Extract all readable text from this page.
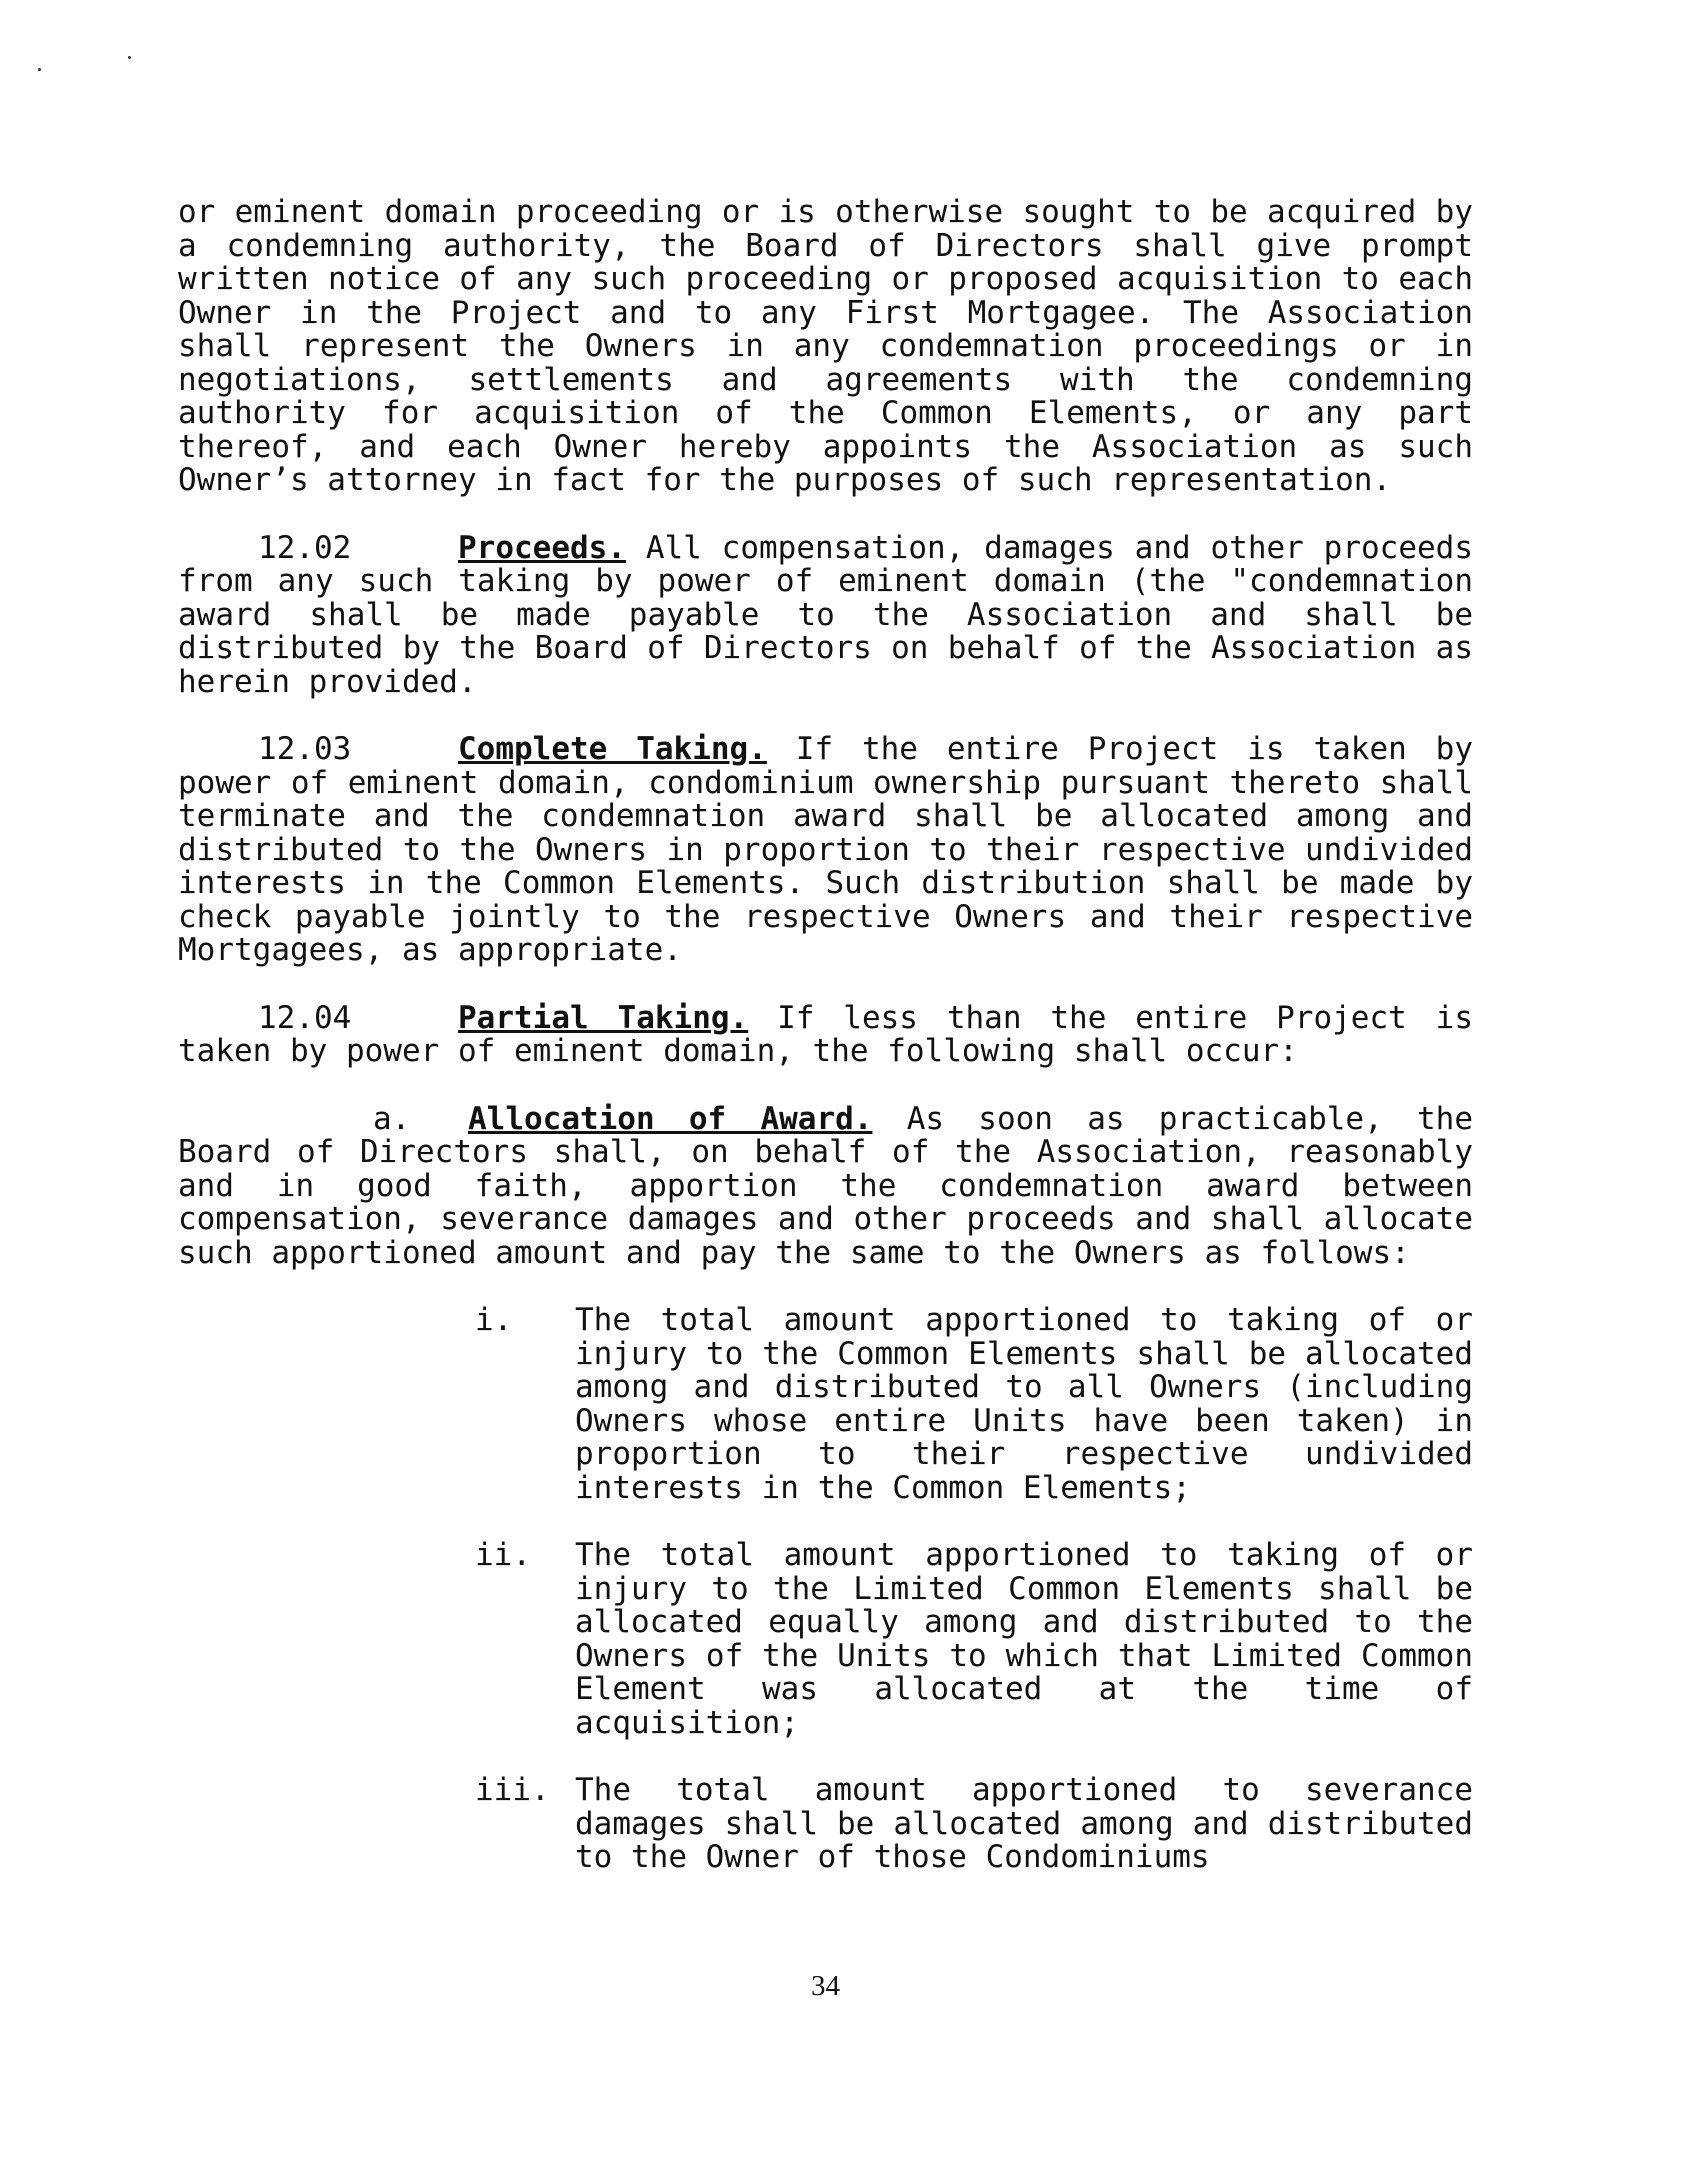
or eminent domain proceeding or is otherwise sought to be acquired by a condemning authority, the Board of Directors shall give prompt written notice of any such proceeding or proposed acquisition to each Owner in the Project and to any First Mortgagee. The Association shall represent the Owners in any condemnation proceedings or in negotiations, settlements and agreements with the condemning authority for acquisition of the Common Elements, or any part thereof, and each Owner hereby appoints the Association as such Owner’s attorney in fact for the purposes of such representation.

12.02	Proceeds. All compensation, damages and other proceeds from any such taking by power of eminent domain (the "condemnation award shall be made payable to the Association and shall be distributed by the Board of Directors on behalf of the Association as herein provided.

12.03	Complete Taking. If the entire Project is taken by power of eminent domain, condominium ownership pursuant thereto shall terminate and the condemnation award shall be allocated among and distributed to the Owners in proportion to their respective undivided interests in the Common Elements. Such distribution shall be made by check payable jointly to the respective Owners and their respective Mortgagees, as appropriate.

12.04	Partial Taking. If less than the entire Project is taken by power of eminent domain, the following shall occur:

a. Allocation of Award. As soon as practicable, the Board of Directors shall, on behalf of the Association, reasonably and in good faith, apportion the condemnation award between compensation, severance damages and other proceeds and shall allocate such apportioned amount and pay the same to the Owners as follows:

i. The total amount apportioned to taking of or injury to the Common Elements shall be allocated among and distributed to all Owners (including Owners whose entire Units have been taken) in proportion to their respective undivided interests in the Common Elements;
ii. The total amount apportioned to taking of or injury to the Limited Common Elements shall be allocated equally among and distributed to the Owners of the Units to which that Limited Common Element was allocated at the time of acquisition;
iii. The total amount apportioned to severance damages shall be allocated among and distributed to the Owner of those Condominiums
34
